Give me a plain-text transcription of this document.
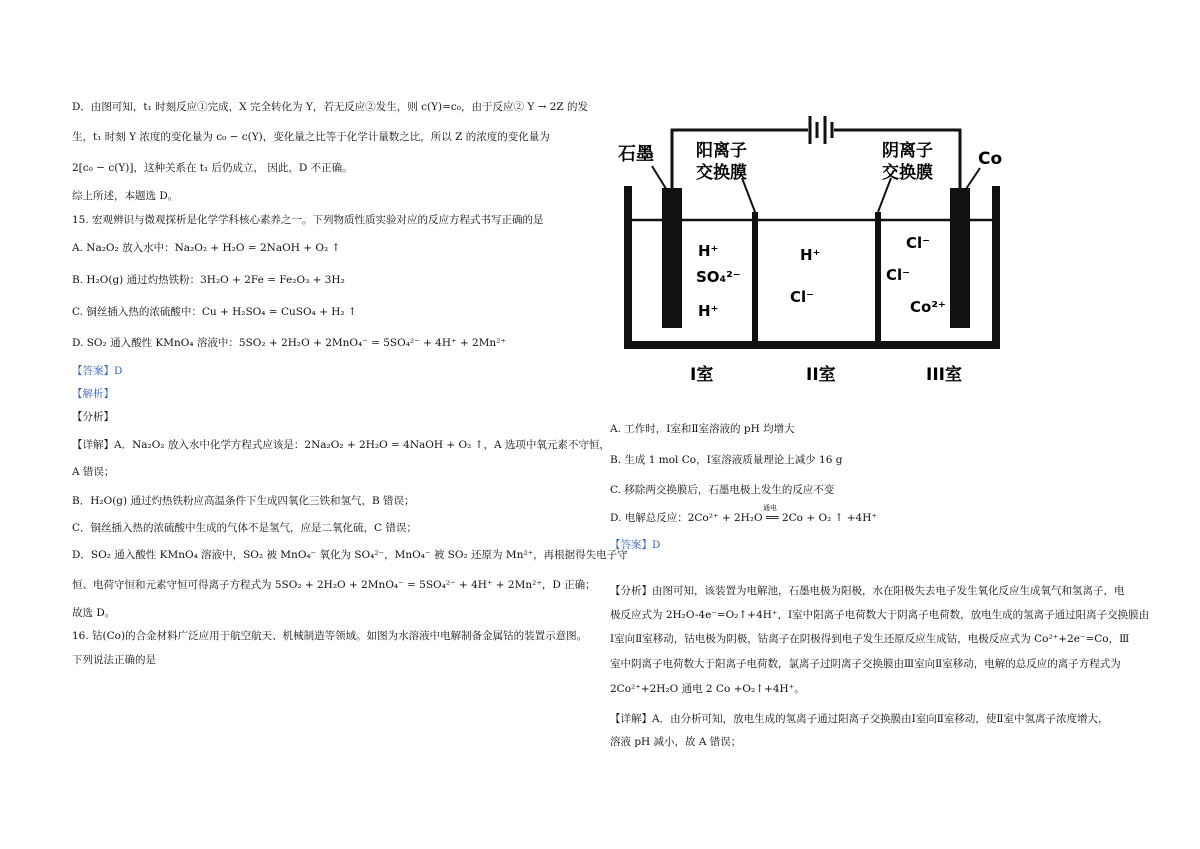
D．由图可知，t₁ 时刻反应①完成，X 完全转化为 Y，若无反应②发生，则 c(Y)=c₀，由于反应② Y → 2Z 的发
生，t₁ 时刻 Y 浓度的变化量为 c₀ − c(Y)，变化量之比等于化学计量数之比，所以 Z 的浓度的变化量为
2[c₀ − c(Y)]，这种关系在 t₁ 后仍成立， 因此，D 不正确。
综上所述，本题选 D。
15. 宏观辨识与微观探析是化学学科核心素养之一。下列物质性质实验对应的反应方程式书写正确的是
A. Na₂O₂ 放入水中：Na₂O₂ + H₂O = 2NaOH + O₂ ↑
B. H₂O(g) 通过灼热铁粉：3H₂O + 2Fe = Fe₂O₃ + 3H₂
C. 铜丝插入热的浓硫酸中：Cu + H₂SO₄ = CuSO₄ + H₂ ↑
D. SO₂ 通入酸性 KMnO₄ 溶液中：5SO₂ + 2H₂O + 2MnO₄⁻ = 5SO₄²⁻ + 4H⁺ + 2Mn²⁺
【答案】D
【解析】
【分析】
【详解】A．Na₂O₂ 放入水中化学方程式应该是：2Na₂O₂ + 2H₂O = 4NaOH + O₂ ↑，A 选项中氧元素不守恒，
A 错误；
B．H₂O(g) 通过灼热铁粉应高温条件下生成四氧化三铁和氢气，B 错误；
C．铜丝插入热的浓硫酸中生成的气体不是氢气，应是二氧化硫，C 错误；
D．SO₂ 通入酸性 KMnO₄ 溶液中，SO₂ 被 MnO₄⁻ 氧化为 SO₄²⁻，MnO₄⁻ 被 SO₂ 还原为 Mn²⁺，再根据得失电子守
恒、电荷守恒和元素守恒可得离子方程式为 5SO₂ + 2H₂O + 2MnO₄⁻ = 5SO₄²⁻ + 4H⁺ + 2Mn²⁺，D 正确；
故选 D。
16. 钴(Co)的合金材料广泛应用于航空航天、机械制造等领域。如图为水溶液中电解制备金属钴的装置示意图。
下列说法正确的是
石墨 阳离子
交换膜
阴离子
交换膜
Co
H⁺
SO₄²⁻
H⁺
H⁺
Cl⁻
Cl⁻
Cl⁻
Co²⁺
I室	II室	III室
A. 工作时，Ⅰ室和Ⅱ室溶液的 pH 均增大
B. 生成 1 mol Co，Ⅰ室溶液质量理论上减少 16 g
C. 移除两交换膜后，石墨电极上发生的反应不变
D. 电解总反应：2Co²⁺ + 2H₂O ══ 2Co + O₂ ↑ +4H⁺
通电
【答案】D
【分析】由图可知，该装置为电解池，石墨电极为阳极，水在阳极失去电子发生氧化反应生成氧气和氢离子，电
极反应式为 2H₂O-4e⁻=O₂↑+4H⁺，Ⅰ室中阳离子电荷数大于阴离子电荷数，放电生成的氢离子通过阳离子交换膜由
Ⅰ室向Ⅱ室移动，钴电极为阴极，钴离子在阴极得到电子发生还原反应生成钴，电极反应式为 Co²⁺+2e⁻=Co，Ⅲ
室中阴离子电荷数大于阳离子电荷数，氯离子过阴离子交换膜由Ⅲ室向Ⅱ室移动，电解的总反应的离子方程式为
2Co²⁺+2H₂O 通电 2 Co +O₂↑+4H⁺。
【详解】A．由分析可知，放电生成的氢离子通过阳离子交换膜由Ⅰ室向Ⅱ室移动，使Ⅱ室中氢离子浓度增大，
溶液 pH 减小，故 A 错误；
